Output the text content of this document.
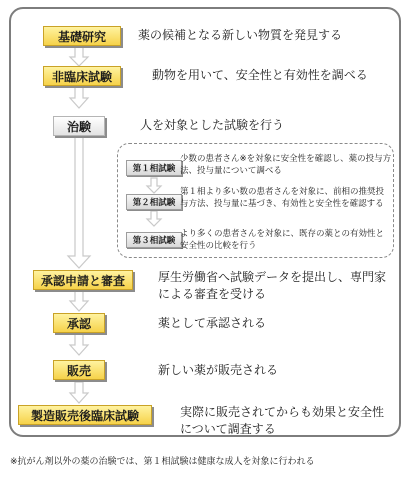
基礎研究	薬の候補となる新しい物質を発見する
非臨床試験	動物を用いて、安全性と有効性を調べる
治験	人を対象とした試験を行う
第１相試験
少数の患者さん※を対象に安全性を確認し、薬の投与方法、投与量について調べる
第２相試験
第１相より多い数の患者さんを対象に、前相の推奨投与方法、投与量に基づき、有効性と安全性を確認する
第３相試験
より多くの患者さんを対象に、既存の薬との有効性と安全性の比較を行う
承認申請と審査	厚生労働省へ試験データを提出し、専門家による審査を受ける
承認	薬として承認される
販売	新しい薬が販売される
製造販売後臨床試験	実際に販売されてからも効果と安全性について調査する
※抗がん剤以外の薬の治験では、第１相試験は健康な成人を対象に行われる
